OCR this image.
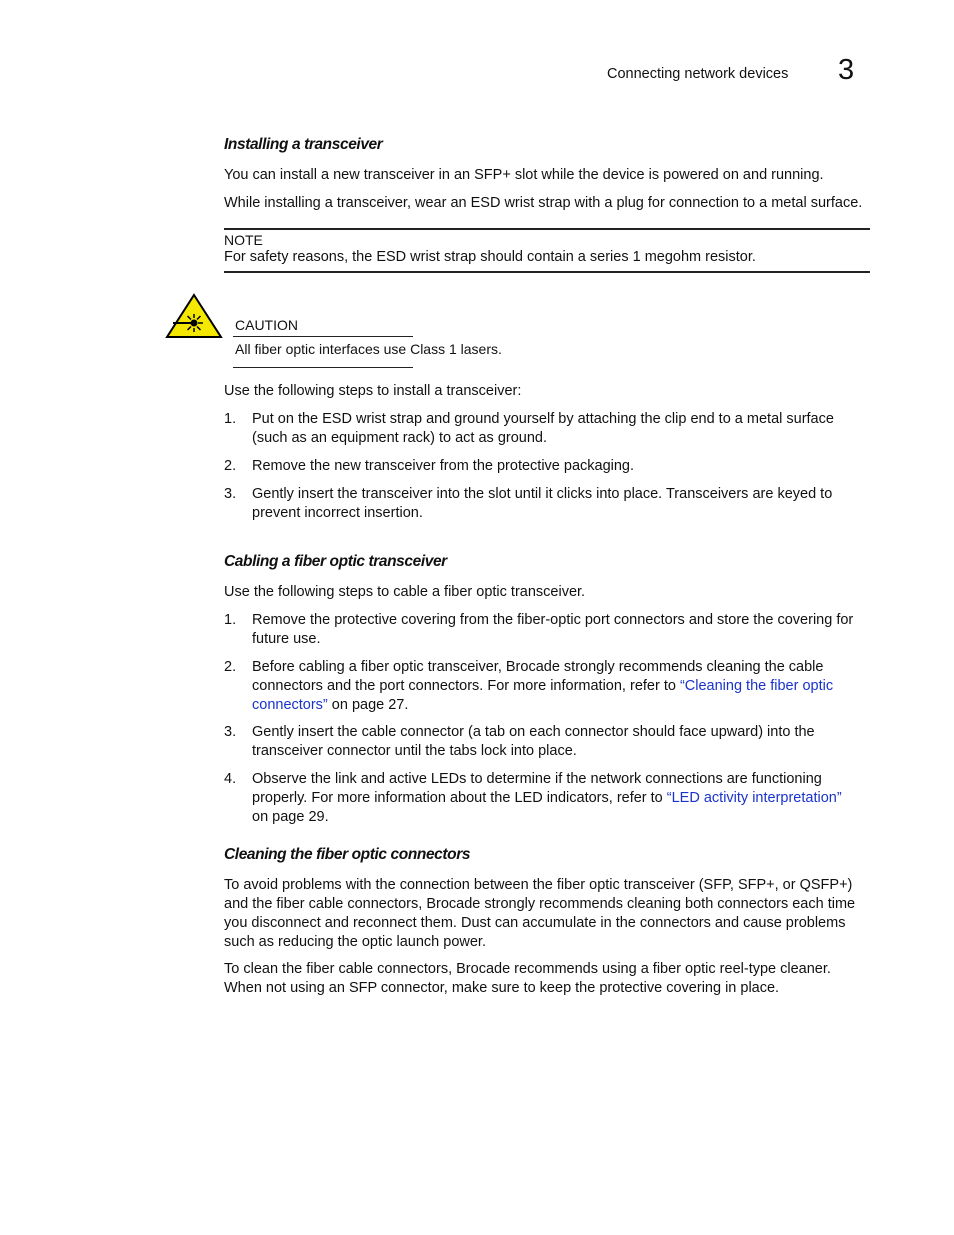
Connecting network devices 3
Installing a transceiver
You can install a new transceiver in an SFP+ slot while the device is powered on and running.
While installing a transceiver, wear an ESD wrist strap with a plug for connection to a metal surface.
NOTE
For safety reasons, the ESD wrist strap should contain a series 1 megohm resistor.
CAUTION
All fiber optic interfaces use Class 1 lasers.
Use the following steps to install a transceiver:
1. Put on the ESD wrist strap and ground yourself by attaching the clip end to a metal surface
(such as an equipment rack) to act as ground.
2. Remove the new transceiver from the protective packaging.
3. Gently insert the transceiver into the slot until it clicks into place. Transceivers are keyed to
prevent incorrect insertion.
Cabling a fiber optic transceiver
Use the following steps to cable a fiber optic transceiver.
1. Remove the protective covering from the fiber-optic port connectors and store the covering for
future use.
2. Before cabling a fiber optic transceiver, Brocade strongly recommends cleaning the cable
connectors and the port connectors. For more information, refer to “Cleaning the fiber optic
connectors” on page 27.
3. Gently insert the cable connector (a tab on each connector should face upward) into the
transceiver connector until the tabs lock into place.
4. Observe the link and active LEDs to determine if the network connections are functioning
properly. For more information about the LED indicators, refer to “LED activity interpretation”
on page 29.
Cleaning the fiber optic connectors
To avoid problems with the connection between the fiber optic transceiver (SFP, SFP+, or QSFP+)
and the fiber cable connectors, Brocade strongly recommends cleaning both connectors each time
you disconnect and reconnect them. Dust can accumulate in the connectors and cause problems
such as reducing the optic launch power.
To clean the fiber cable connectors, Brocade recommends using a fiber optic reel-type cleaner.
When not using an SFP connector, make sure to keep the protective covering in place.
